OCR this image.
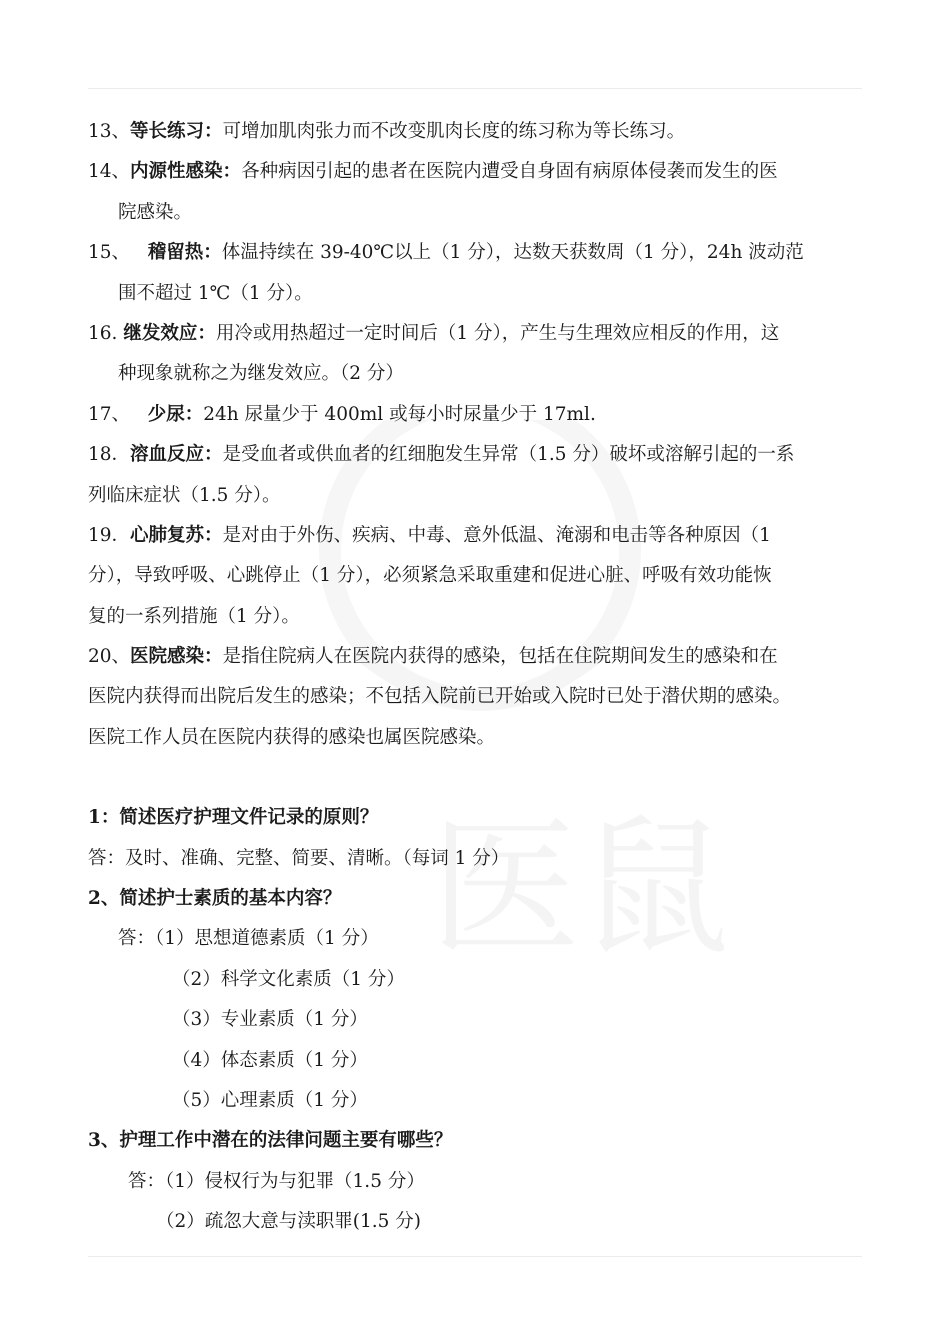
医鼠
13、等长练习：可增加肌肉张力而不改变肌肉长度的练习称为等长练习。
14、内源性感染：各种病因引起的患者在医院内遭受自身固有病原体侵袭而发生的医
院感染。
15、   稽留热：体温持续在 39-40℃以上（1 分），达数天获数周（1 分），24h 波动范
围不超过 1℃（1 分）。
16. 继发效应：用冷或用热超过一定时间后（1 分），产生与生理效应相反的作用，这
种现象就称之为继发效应。（2 分）
17、   少尿：24h 尿量少于 400ml 或每小时尿量少于 17ml.
18．溶血反应：是受血者或供血者的红细胞发生异常（1.5 分）破坏或溶解引起的一系
列临床症状（1.5 分）。
19．心肺复苏：是对由于外伤、疾病、中毒、意外低温、淹溺和电击等各种原因（1
分），导致呼吸、心跳停止（1 分），必须紧急采取重建和促进心脏、呼吸有效功能恢
复的一系列措施（1 分）。
20、医院感染：是指住院病人在医院内获得的感染，包括在住院期间发生的感染和在
医院内获得而出院后发生的感染；不包括入院前已开始或入院时已处于潜伏期的感染。
医院工作人员在医院内获得的感染也属医院感染。
1：简述医疗护理文件记录的原则？
答：及时、准确、完整、简要、清晰。（每词 1 分）
2、简述护士素质的基本内容？
答：（1）思想道德素质（1 分）
（2）科学文化素质（1 分）
（3）专业素质（1 分）
（4）体态素质（1 分）
（5）心理素质（1 分）
3、护理工作中潜在的法律问题主要有哪些？
答：（1）侵权行为与犯罪（1.5 分）
（2）疏忽大意与渎职罪(1.5 分)
